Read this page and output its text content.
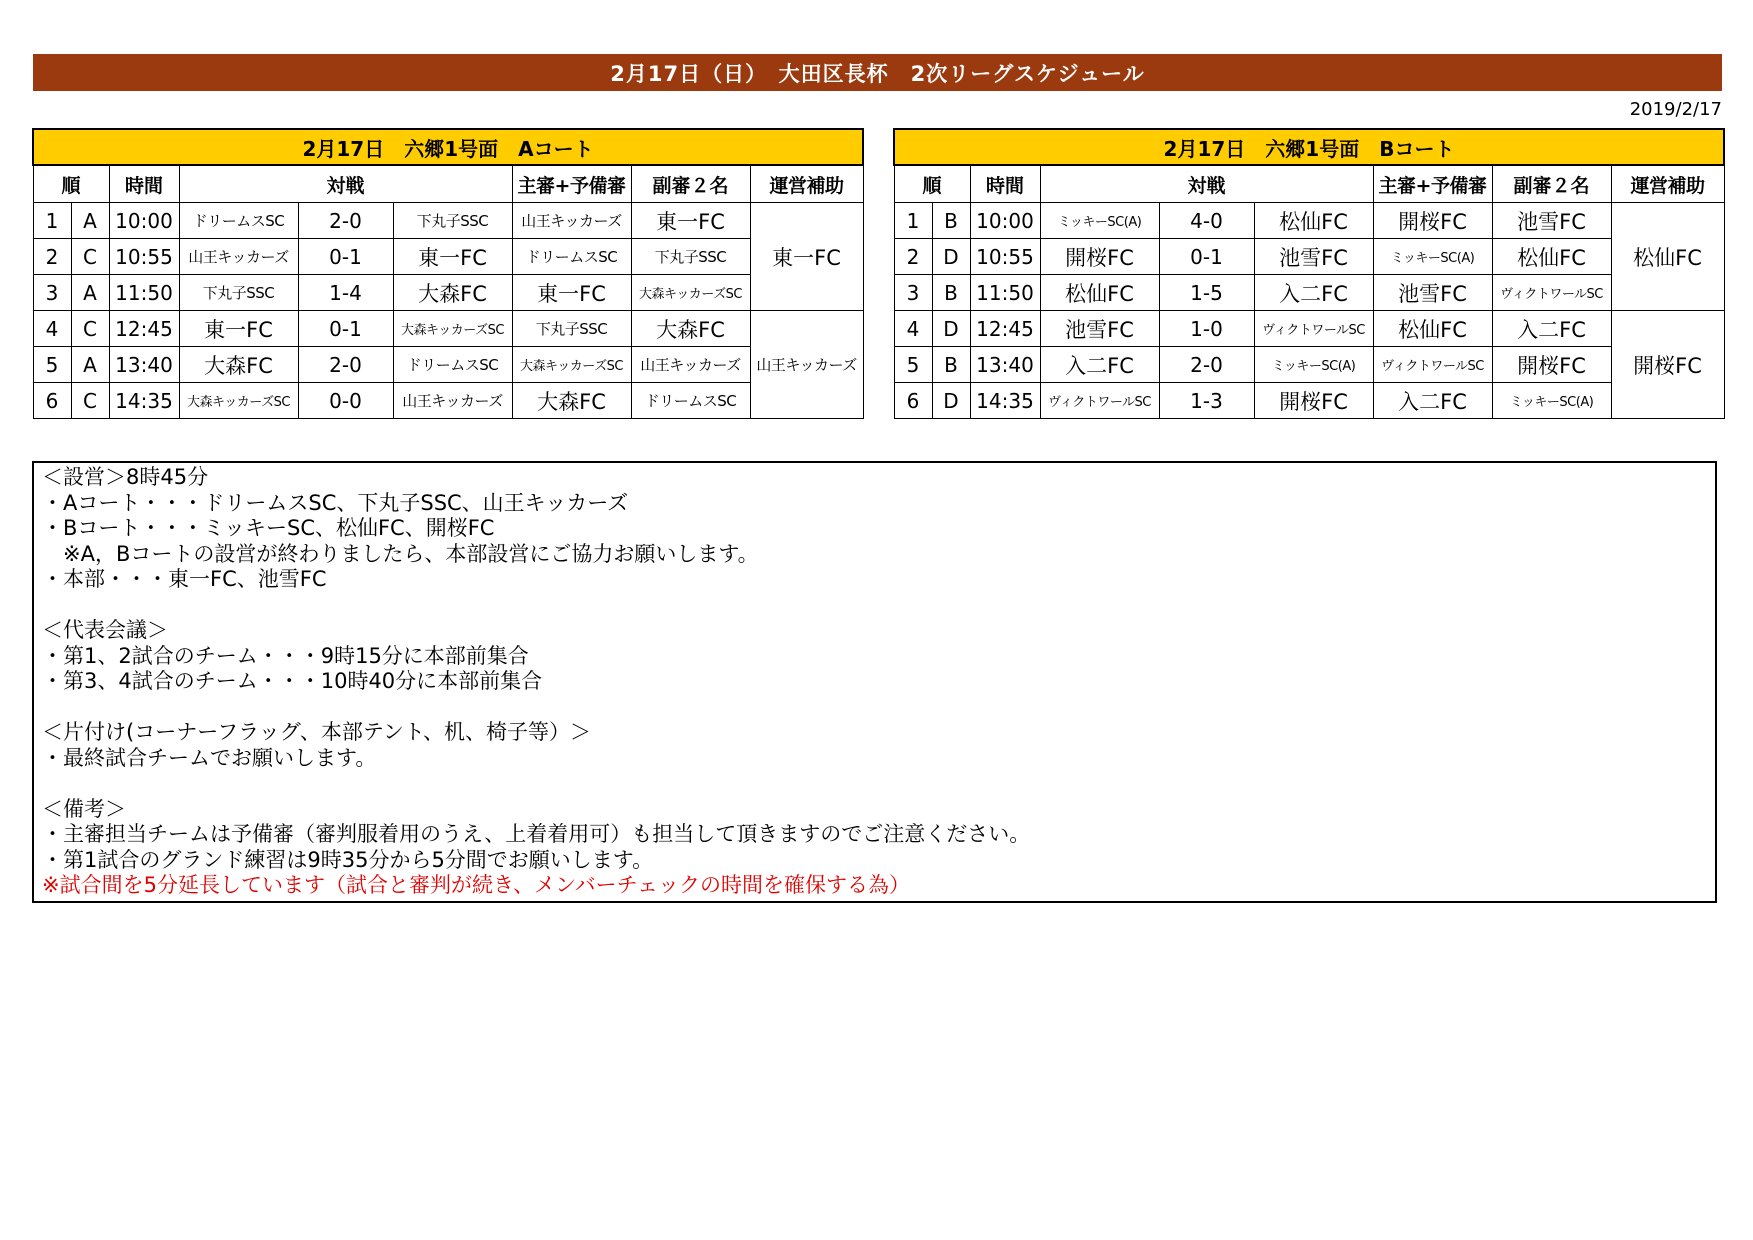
2月17日（日）　大田区長杯　2次リーグスケジュール
2019/2/17
2月17日　六郷1号面　Aコート								
順		時間	対戦			主審+予備審	副審２名	運営補助
1	A	10:00	ドリームスSC	2-0	下丸子SSC	山王キッカーズ	東一FC	東一FC
2	C	10:55	山王キッカーズ	0-1	東一FC	ドリームスSC	下丸子SSC	
3	A	11:50	下丸子SSC	1-4	大森FC	東一FC	大森キッカーズSC	
4	C	12:45	東一FC	0-1	大森キッカーズSC	下丸子SSC	大森FC	山王キッカーズ
5	A	13:40	大森FC	2-0	ドリームスSC	大森キッカーズSC	山王キッカーズ	
6	C	14:35	大森キッカーズSC	0-0	山王キッカーズ	大森FC	ドリームスSC	
2月17日　六郷1号面　Bコート								
順		時間	対戦			主審+予備審	副審２名	運営補助
1	B	10:00	ミッキーSC(A)	4-0	松仙FC	開桜FC	池雪FC	松仙FC
2	D	10:55	開桜FC	0-1	池雪FC	ミッキーSC(A)	松仙FC	
3	B	11:50	松仙FC	1-5	入二FC	池雪FC	ヴィクトワールSC	
4	D	12:45	池雪FC	1-0	ヴィクトワールSC	松仙FC	入二FC	開桜FC
5	B	13:40	入二FC	2-0	ミッキーSC(A)	ヴィクトワールSC	開桜FC	
6	D	14:35	ヴィクトワールSC	1-3	開桜FC	入二FC	ミッキーSC(A)	
＜設営＞8時45分
・Aコート・・・ドリームスSC、下丸子SSC、山王キッカーズ
・Bコート・・・ミッキーSC、松仙FC、開桜FC
　※A，Bコートの設営が終わりましたら、本部設営にご協力お願いします。
・本部・・・東一FC、池雪FC
＜代表会議＞
・第1、2試合のチーム・・・9時15分に本部前集合
・第3、4試合のチーム・・・10時40分に本部前集合
＜片付け(コーナーフラッグ、本部テント、机、椅子等）＞
・最終試合チームでお願いします。
＜備考＞
・主審担当チームは予備審（審判服着用のうえ、上着着用可）も担当して頂きますのでご注意ください。
・第1試合のグランド練習は9時35分から5分間でお願いします。
※試合間を5分延長しています（試合と審判が続き、メンバーチェックの時間を確保する為）
